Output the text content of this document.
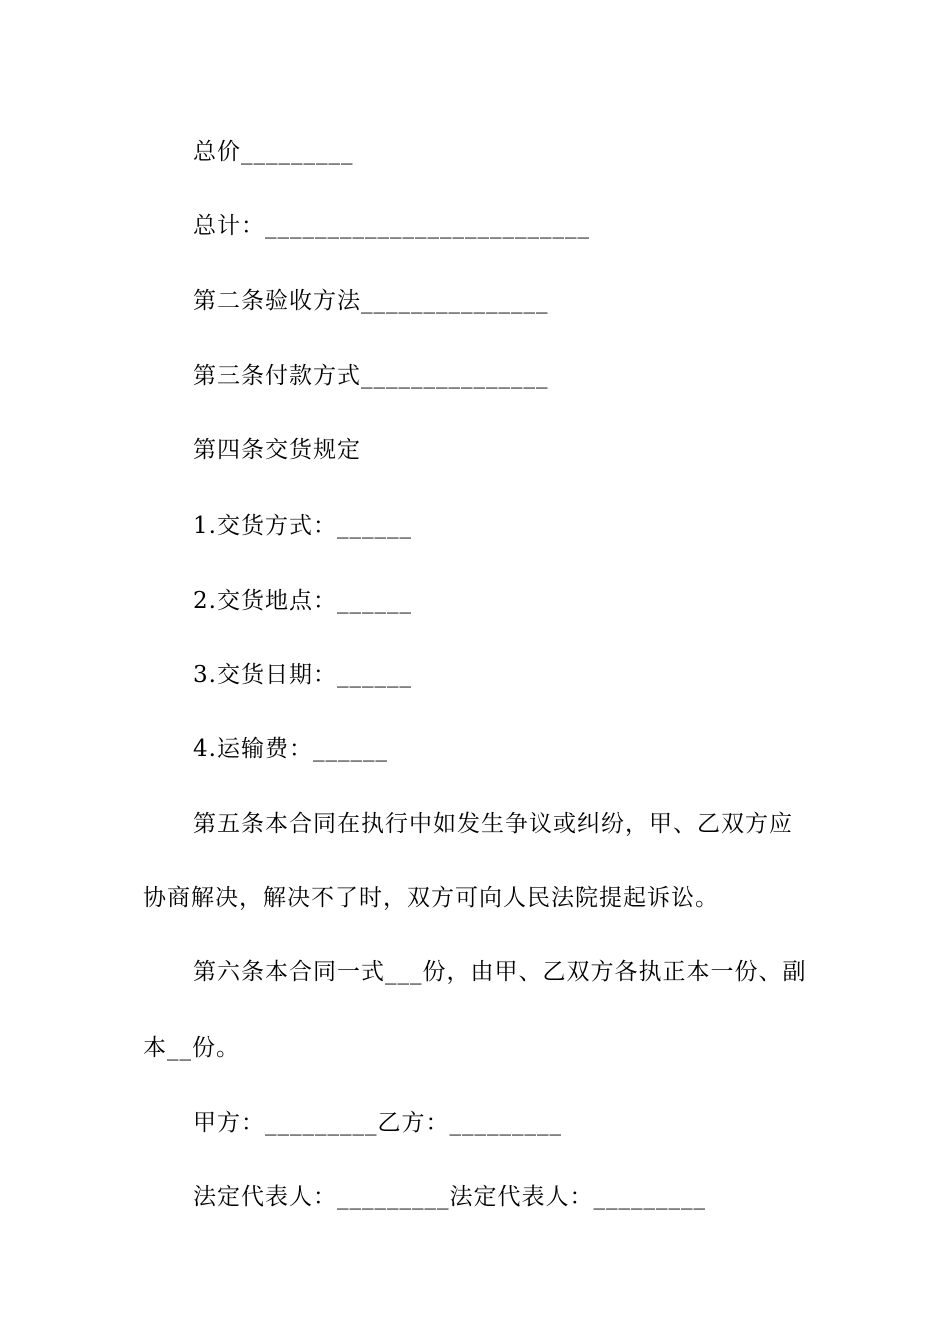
总价_________
总计：__________________________
第二条验收方法_______________
第三条付款方式_______________
第四条交货规定
1.交货方式：______
2.交货地点：______
3.交货日期：______
4.运输费：______
第五条本合同在执行中如发生争议或纠纷，甲、乙双方应
协商解决，解决不了时，双方可向人民法院提起诉讼。
第六条本合同一式___份，由甲、乙双方各执正本一份、副
本__份。
甲方：_________乙方：_________
法定代表人：_________法定代表人：_________
